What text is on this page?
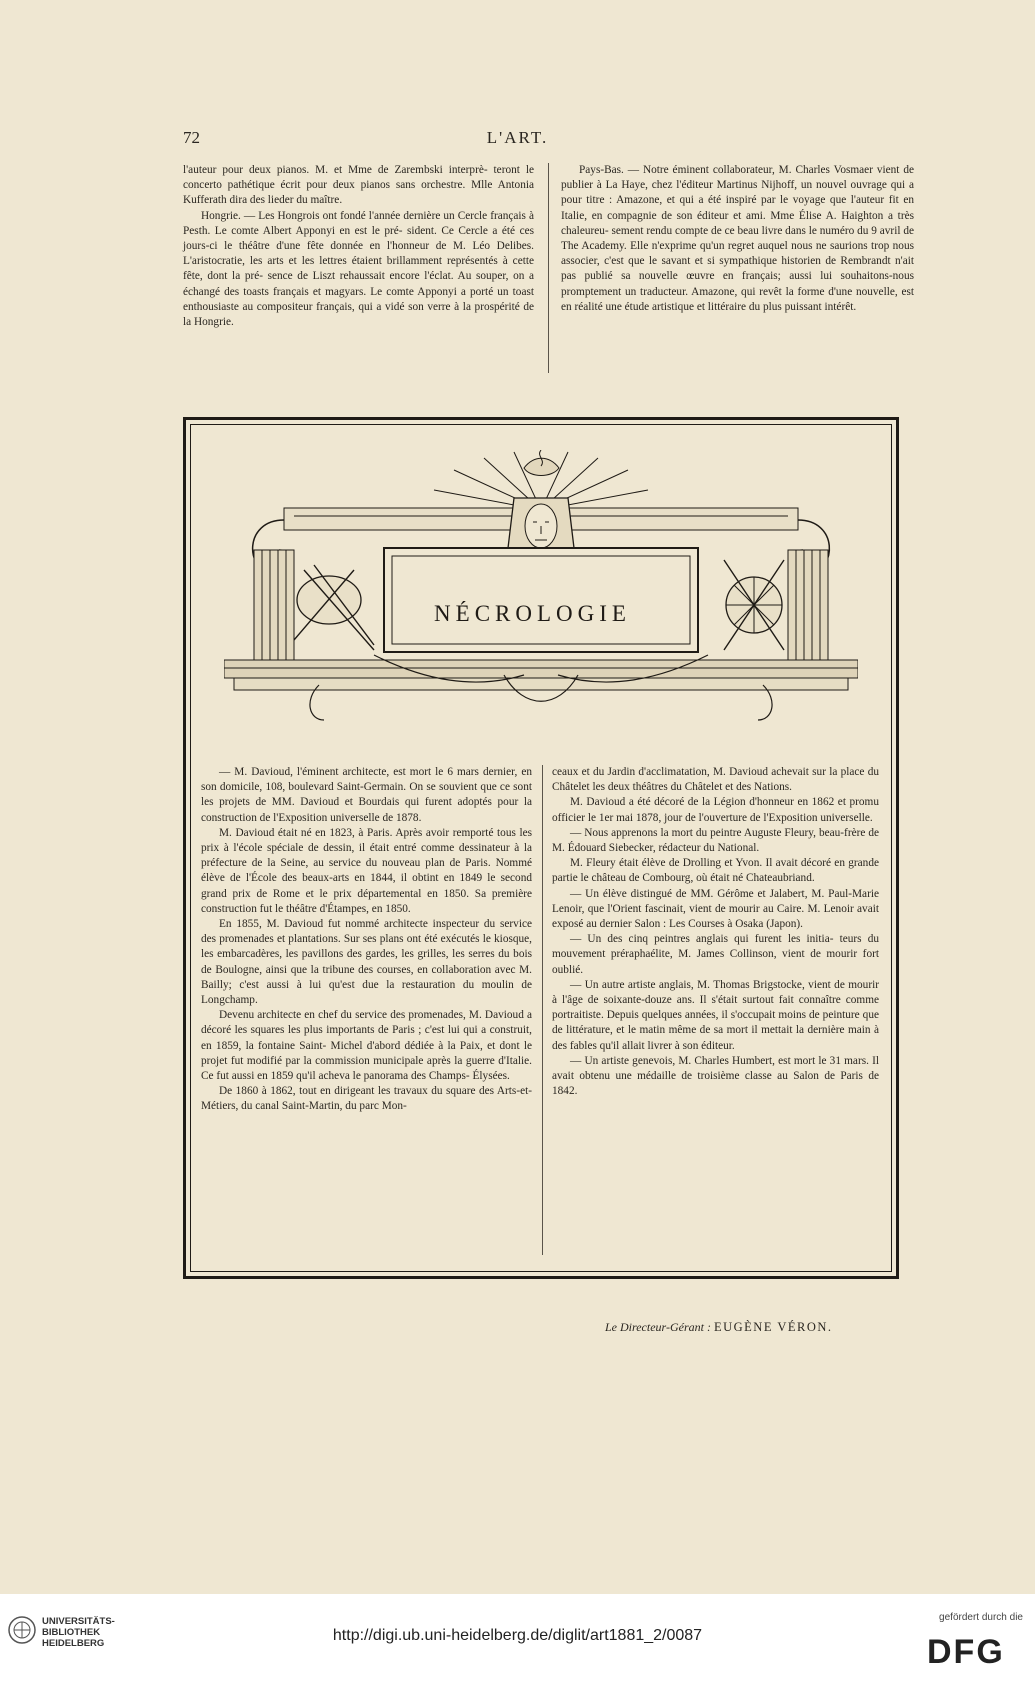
72	L'ART.

l'auteur pour deux pianos. M. et Mme de Zarembski interprè- teront le concerto pathétique écrit pour deux pianos sans orchestre. Mlle Antonia Kufferath dira des lieder du maître.

Hongrie. — Les Hongrois ont fondé l'année dernière un Cercle français à Pesth. Le comte Albert Apponyi en est le pré- sident. Ce Cercle a été ces jours-ci le théâtre d'une fête donnée en l'honneur de M. Léo Delibes. L'aristocratie, les arts et les lettres étaient brillamment représentés à cette fête, dont la pré- sence de Liszt rehaussait encore l'éclat. Au souper, on a échangé des toasts français et magyars. Le comte Apponyi a porté un toast enthousiaste au compositeur français, qui a vidé son verre à la prospérité de la Hongrie.

Pays-Bas. — Notre éminent collaborateur, M. Charles Vosmaer vient de publier à La Haye, chez l'éditeur Martinus Nijhoff, un nouvel ouvrage qui a pour titre : Amazone, et qui a été inspiré par le voyage que l'auteur fit en Italie, en compagnie de son éditeur et ami. Mme Élise A. Haighton a très chaleureu- sement rendu compte de ce beau livre dans le numéro du 9 avril de The Academy. Elle n'exprime qu'un regret auquel nous ne saurions trop nous associer, c'est que le savant et si sympathique historien de Rembrandt n'ait pas publié sa nouvelle œuvre en français; aussi lui souhaitons-nous promptement un traducteur. Amazone, qui revêt la forme d'une nouvelle, est en réalité une étude artistique et littéraire du plus puissant intérêt.

NÉCROLOGIE

— M. Davioud, l'éminent architecte, est mort le 6 mars dernier, en son domicile, 108, boulevard Saint-Germain. On se souvient que ce sont les projets de MM. Davioud et Bourdais qui furent adoptés pour la construction de l'Exposition universelle de 1878.

M. Davioud était né en 1823, à Paris. Après avoir remporté tous les prix à l'école spéciale de dessin, il était entré comme dessinateur à la préfecture de la Seine, au service du nouveau plan de Paris. Nommé élève de l'École des beaux-arts en 1844, il obtint en 1849 le second grand prix de Rome et le prix départemental en 1850. Sa première construction fut le théâtre d'Étampes, en 1850.

En 1855, M. Davioud fut nommé architecte inspecteur du service des promenades et plantations. Sur ses plans ont été exécutés le kiosque, les embarcadères, les pavillons des gardes, les grilles, les serres du bois de Boulogne, ainsi que la tribune des courses, en collaboration avec M. Bailly; c'est aussi à lui qu'est due la restauration du moulin de Longchamp.

Devenu architecte en chef du service des promenades, M. Davioud a décoré les squares les plus importants de Paris ; c'est lui qui a construit, en 1859, la fontaine Saint- Michel d'abord dédiée à la Paix, et dont le projet fut modifié par la commission municipale après la guerre d'Italie. Ce fut aussi en 1859 qu'il acheva le panorama des Champs- Élysées.

De 1860 à 1862, tout en dirigeant les travaux du square des Arts-et-Métiers, du canal Saint-Martin, du parc Mon-

ceaux et du Jardin d'acclimatation, M. Davioud achevait sur la place du Châtelet les deux théâtres du Châtelet et des Nations.

M. Davioud a été décoré de la Légion d'honneur en 1862 et promu officier le 1er mai 1878, jour de l'ouverture de l'Exposition universelle.

— Nous apprenons la mort du peintre Auguste Fleury, beau-frère de M. Édouard Siebecker, rédacteur du National.

M. Fleury était élève de Drolling et Yvon. Il avait décoré en grande partie le château de Combourg, où était né Chateaubriand.

— Un élève distingué de MM. Gérôme et Jalabert, M. Paul-Marie Lenoir, que l'Orient fascinait, vient de mourir au Caire. M. Lenoir avait exposé au dernier Salon : Les Courses à Osaka (Japon).

— Un des cinq peintres anglais qui furent les initia- teurs du mouvement préraphaélite, M. James Collinson, vient de mourir fort oublié.

— Un autre artiste anglais, M. Thomas Brigstocke, vient de mourir à l'âge de soixante-douze ans. Il s'était surtout fait connaître comme portraitiste. Depuis quelques années, il s'occupait moins de peinture que de littérature, et le matin même de sa mort il mettait la dernière main à des fables qu'il allait livrer à son éditeur.

— Un artiste genevois, M. Charles Humbert, est mort le 31 mars. Il avait obtenu une médaille de troisième classe au Salon de Paris de 1842.

Le Directeur-Gérant : EUGÈNE VÉRON.
UNIVERSITÄTS-
BIBLIOTHEK
HEIDELBERG	http://digi.ub.uni-heidelberg.de/diglit/art1881_2/0087
gefördert durch die
DFG
